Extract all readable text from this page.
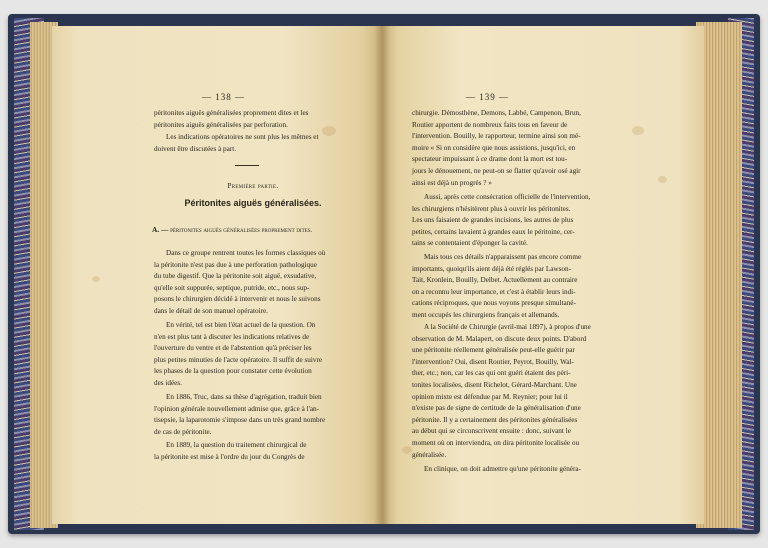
— 138 —

péritonites aiguës généralisées proprement dites et les

péritonites aiguës généralisées par perforation.

Les indications opératoires ne sont plus les mêmes et

doivent être discutées à part.

Première partie.
Péritonites aiguës généralisées.
A. — péritonites aiguës généralisées proprement dites.

Dans ce groupe rentrent toutes les formes classiques où

la péritonite n'est pas due à une perforation pathologique

du tube digestif. Que la péritonite soit aiguë, exsudative,

qu'elle soit suppurée, septique, putride, etc., nous sup-

posons le chirurgien décidé à intervenir et nous le suivons

dans le détail de son manuel opératoire.

En vérité, tel est bien l'état actuel de la question. On

n'en est plus tant à discuter les indications relatives de

l'ouverture du ventre et de l'abstention qu'à préciser les

plus petites minuties de l'acte opératoire. Il suffit de suivre

les phases de la question pour constater cette évolution

des idées.

En 1886, Truc, dans sa thèse d'agrégation, traduit bien

l'opinion générale nouvellement admise que, grâce à l'an-

tisepsie, la laparotomie s'impose dans un très grand nombre

de cas de péritonite.

En 1889, la question du traitement chirurgical de

la péritonite est mise à l'ordre du jour du Congrès de

— 139 —

chirurgie. Démosthène, Demons, Labbé, Campenon, Brun,

Routier apportent de nombreux faits tous en faveur de

l'intervention. Bouilly, le rapporteur, termine ainsi son mé-

moire « Si on considère que nous assistions, jusqu'ici, en

spectateur impuissant à ce drame dont la mort est tou-

jours le dénouement, ne peut-on se flatter qu'avoir osé agir

ainsi est déjà un progrès ? »

Aussi, après cette consécration officielle de l'intervention,

les chirurgiens n'hésitèrent plus à ouvrir les péritonites.

Les uns faisaient de grandes incisions, les autres de plus

petites, certains lavaient à grandes eaux le péritoine, cer-

tains se contentaient d'éponger la cavité.

Mais tous ces détails n'apparaissent pas encore comme

importants, quoiqu'ils aient déjà été réglés par Lawson-

Tait, Kronlein, Bouilly, Delbet. Actuellement au contraire

on a reconnu leur importance, et c'est à établir leurs indi-

cations réciproques, que nous voyons presque simultané-

ment occupés les chirurgiens français et allemands.

A la Société de Chirurgie (avril-mai 1897), à propos d'une

observation de M. Malapert, on discute deux points. D'abord

une péritonite réellement généralisée peut-elle guérir par

l'intervention? Oui, disent Routier, Peyrot, Bouilly, Wal-

ther, etc.; non, car les cas qui ont guéri étaient des péri-

tonites localisées, disent Richelot, Gérard-Marchant. Une

opinion mixte est défendue par M. Reynier; pour lui il

n'existe pas de signe de certitude de la généralisation d'une

péritonite. Il y a certainement des péritonites généralisées

au début qui se circonscrivent ensuite : donc, suivant le

moment où on interviendra, on dira péritonite localisée ou

généralisée.

En clinique, on doit admettre qu'une péritonite généra-
